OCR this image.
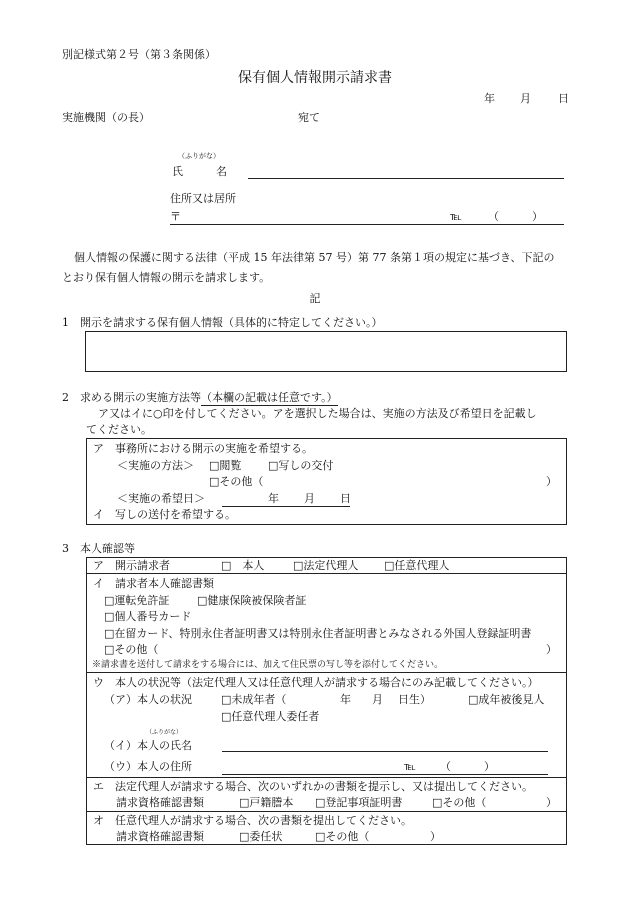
別記様式第２号（第３条関係）
保有個人情報開示請求書
年 月 日
実施機関（の長）	宛て
（ふりがな）
氏　　　名
住所又は居所
〒	℡ （　　　）
個人情報の保護に関する法律（平成 15 年法律第 57 号）第 77 条第１項の規定に基づき、下記の
とおり保有個人情報の開示を請求します。
記
1　開示を請求する保有個人情報（具体的に特定してください。）
2　求める開示の実施方法等（本欄の記載は任意です。）
ア又はイに○印を付してください。アを選択した場合は、実施の方法及び希望日を記載し
てください。
ア　事務所における開示の実施を希望する。
＜実施の方法＞ □閲覧 □写しの交付
□その他（	）
＜実施の希望日＞	年 月 日
イ　写しの送付を希望する。
3　本人確認等
ア　開示請求者	□　本人	□法定代理人 □任意代理人
イ　請求者本人確認書類
□運転免許証	□健康保険被保険者証
□個人番号カード
□在留カード、特別永住者証明書又は特別永住者証明書とみなされる外国人登録証明書
□その他（	）
※請求書を送付して請求をする場合には、加えて住民票の写し等を添付してください。
ウ　本人の状況等（法定代理人又は任意代理人が請求する場合にのみ記載してください。）
（ア）本人の状況	□未成年者（	年 月 日生）	□成年被後見人
□任意代理人委任者
（ふりがな）
（イ）本人の氏名
（ウ）本人の住所	℡ （　　　）
エ　法定代理人が請求する場合、次のいずれかの書類を提示し、又は提出してください。
請求資格確認書類	□戸籍謄本 □登記事項証明書	□その他（	）
オ　任意代理人が請求する場合、次の書類を提出してください。
請求資格確認書類	□委任状	□その他（	）
